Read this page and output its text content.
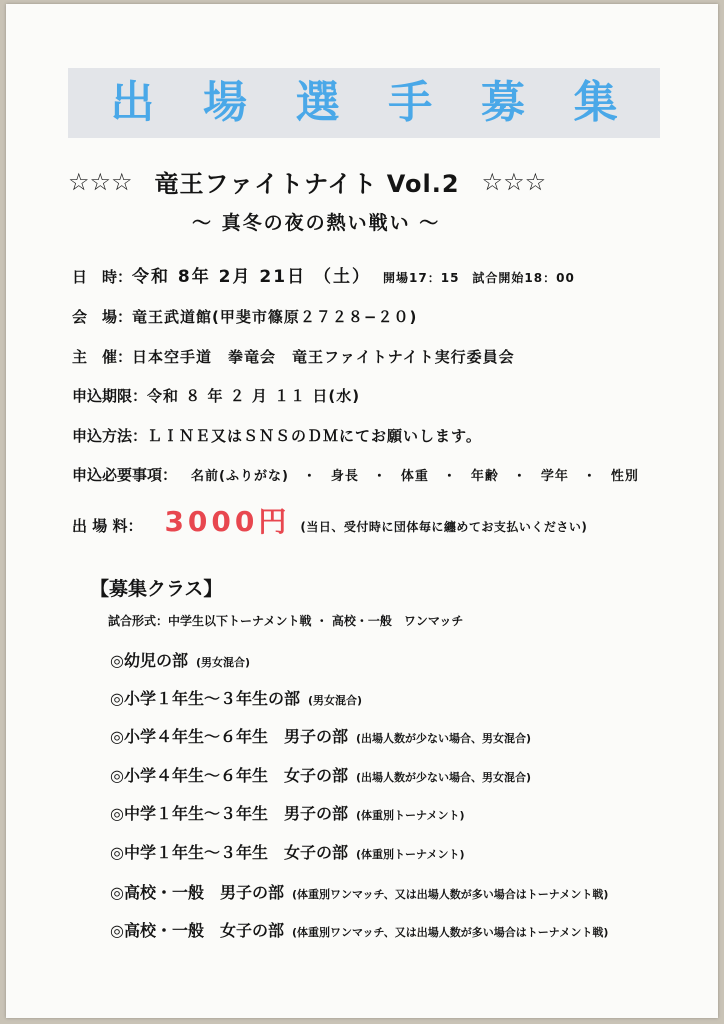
出 場 選 手 募 集
☆☆☆ 竜王ファイトナイト Vol.2 ☆☆☆
〜 真冬の夜の熱い戦い 〜
日　時： 令和 8年 2月 21日 （土） 開場17：15　試合開始18：00
会　場： 竜王武道館(甲斐市篠原２７２８−２０)
主　催： 日本空手道　拳竜会　竜王ファイトナイト実行委員会
申込期限： 令和 ８ 年 ２ 月 １１ 日(水)
申込方法： ＬＩＮＥ又はＳＮＳのＤＭにてお願いします。
申込必要事項： 名前(ふりがな)　・　身長　・　体重　・　年齢　・　学年　・　性別
出 場 料： 3000円 (当日、受付時に団体毎に纏めてお支払いください)
【募集クラス】
試合形式：中学生以下トーナメント戦 ・ 高校・一般　ワンマッチ
◎幼児の部 (男女混合)
◎小学１年生〜３年生の部 (男女混合)
◎小学４年生〜６年生　男子の部 (出場人数が少ない場合、男女混合)
◎小学４年生〜６年生　女子の部 (出場人数が少ない場合、男女混合)
◎中学１年生〜３年生　男子の部 (体重別トーナメント)
◎中学１年生〜３年生　女子の部 (体重別トーナメント)
◎高校・一般　男子の部 (体重別ワンマッチ、又は出場人数が多い場合はトーナメント戦)
◎高校・一般　女子の部 (体重別ワンマッチ、又は出場人数が多い場合はトーナメント戦)
